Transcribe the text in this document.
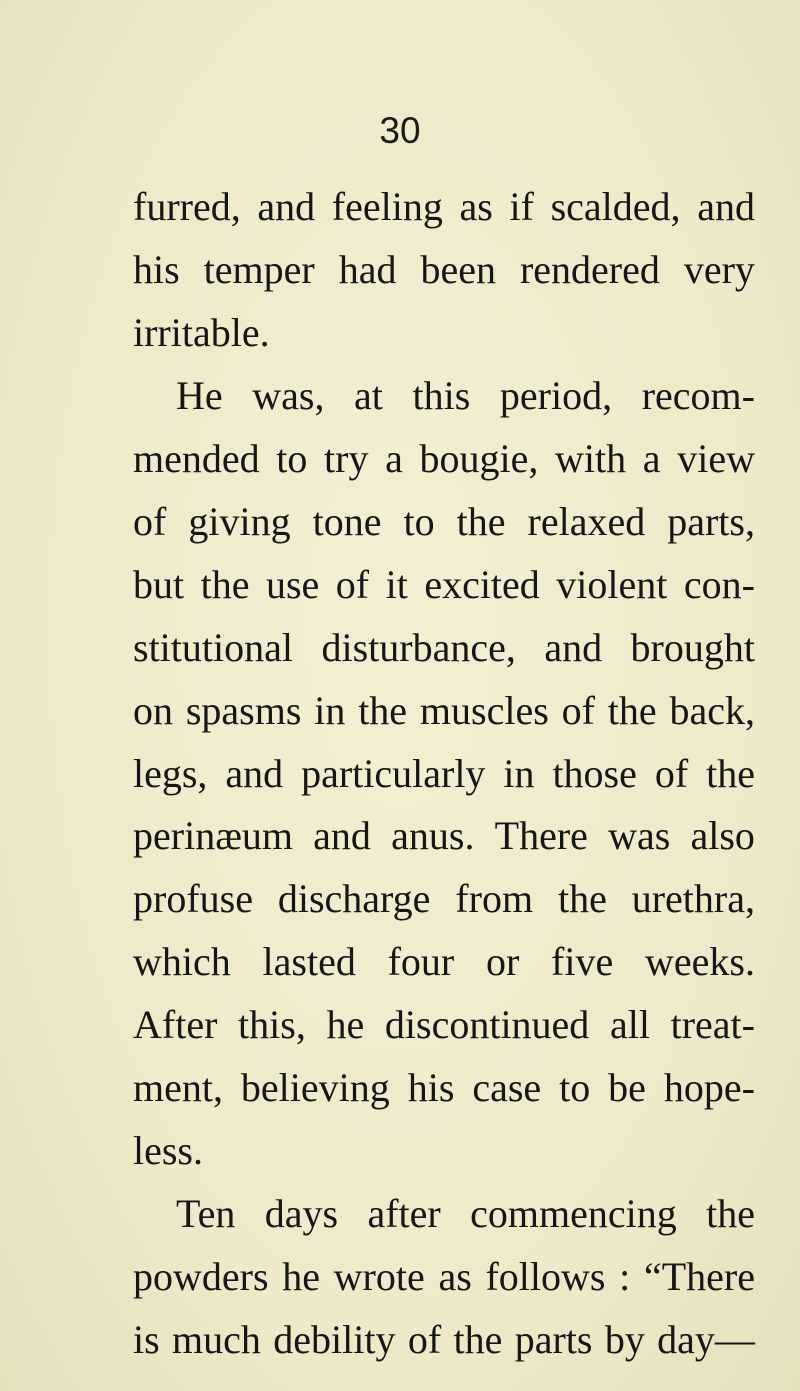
30
furred, and feeling as if scalded, and
his temper had been rendered very
irritable.
He was, at this period, recom-
mended to try a bougie, with a view
of giving tone to the relaxed parts,
but the use of it excited violent con-
stitutional disturbance, and brought
on spasms in the muscles of the back,
legs, and particularly in those of the
perinæum and anus. There was also
profuse discharge from the urethra,
which lasted four or five weeks.
After this, he discontinued all treat-
ment, believing his case to be hope-
less.
Ten days after commencing the
powders he wrote as follows : “There
is much debility of the parts by day—
